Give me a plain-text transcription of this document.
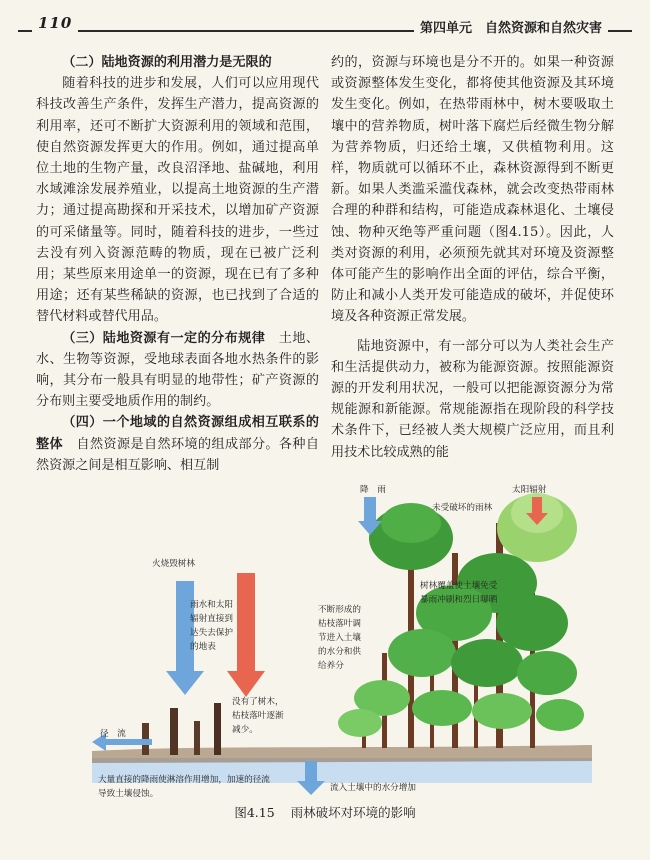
110	第四单元　自然资源和自然灾害

（二）陆地资源的利用潜力是无限的

随着科技的进步和发展，人们可以应用现代科技改善生产条件，发挥生产潜力，提高资源的利用率，还可不断扩大资源利用的领域和范围，使自然资源发挥更大的作用。例如，通过提高单位土地的生物产量，改良沼泽地、盐碱地，利用水域滩涂发展养殖业，以提高土地资源的生产潜力；通过提高勘探和开采技术，以增加矿产资源的可采储量等。同时，随着科技的进步，一些过去没有列入资源范畴的物质，现在已被广泛利用；某些原来用途单一的资源，现在已有了多种用途；还有某些稀缺的资源，也已找到了合适的替代材料或替代用品。

（三）陆地资源有一定的分布规律　 土地、水、生物等资源，受地球表面各地水热条件的影响，其分布一般具有明显的地带性；矿产资源的分布则主要受地质作用的制约。

（四）一个地域的自然资源组成相互联系的整体　 自然资源是自然环境的组成部分。各种自然资源之间是相互影响、相互制

约的，资源与环境也是分不开的。如果一种资源或资源整体发生变化，都将使其他资源及其环境发生变化。例如，在热带雨林中，树木要吸取土壤中的营养物质，树叶落下腐烂后经微生物分解为营养物质，归还给土壤，又供植物利用。这样，物质就可以循环不止，森林资源得到不断更新。如果人类滥采滥伐森林，就会改变热带雨林合理的种群和结构，可能造成森林退化、土壤侵蚀、物种灭绝等严重问题（图4.15）。因此，人类对资源的利用，必须预先就其对环境及资源整体可能产生的影响作出全面的评估，综合平衡，防止和减小人类开发可能造成的破坏，并促使环境及各种资源正常发展。

陆地资源中，有一部分可以为人类社会生产和生活提供动力，被称为能源资源。按照能源资源的开发利用状况，一般可以把能源资源分为常规能源和新能源。常规能源指在现阶段的科学技术条件下，已经被人类大规模广泛应用，而且利用技术比较成熟的能

火烧毁树林
雨水和太阳辐射直接到达失去保护的地表
没有了树木，枯枝落叶逐渐减少。
径　流
大量直接的降雨使淋溶作用增加，加速的径流导致土壤侵蚀。
降　雨	太阳辐射
未受破坏的雨林
树林覆盖使土壤免受暴雨冲刷和烈日曝晒
不断形成的枯枝落叶调节进入土壤的水分和供给养分
流入土壤中的水分增加
图4.15 雨林破坏对环境的影响
